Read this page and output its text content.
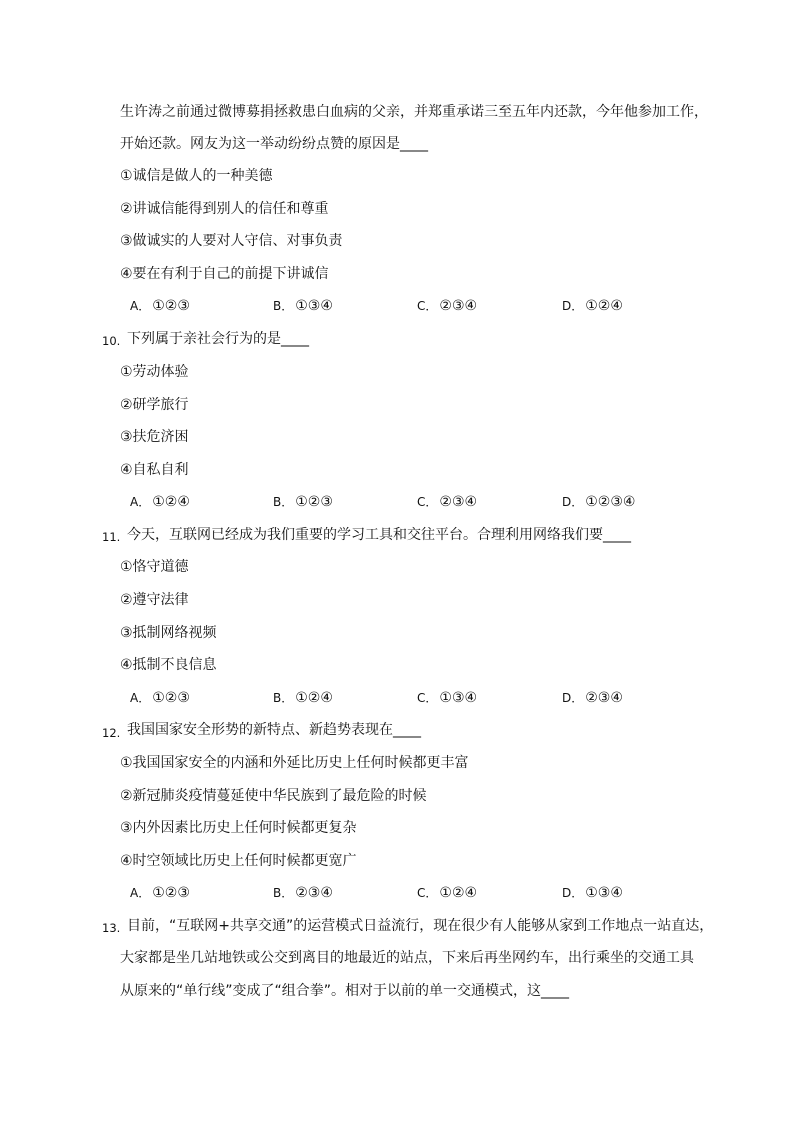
生许涛之前通过微博募捐拯救患白血病的父亲，并郑重承诺三至五年内还款，今年他参加工作，
开始还款。网友为这一举动纷纷点赞的原因是____
①诚信是做人的一种美德
②讲诚信能得到别人的信任和尊重
③做诚实的人要对人守信、对事负责
④要在有利于自己的前提下讲诚信
A． ①②③	B． ①③④	C． ②③④	D． ①②④
10. 下列属于亲社会行为的是____
①劳动体验
②研学旅行
③扶危济困
④自私自利
A． ①②④	B． ①②③	C． ②③④	D． ①②③④
11. 今天，互联网已经成为我们重要的学习工具和交往平台。合理利用网络我们要____
①恪守道德
②遵守法律
③抵制网络视频
④抵制不良信息
A． ①②③	B． ①②④	C． ①③④	D． ②③④
12. 我国国家安全形势的新特点、新趋势表现在____
①我国国家安全的内涵和外延比历史上任何时候都更丰富
②新冠肺炎疫情蔓延使中华民族到了最危险的时候
③内外因素比历史上任何时候都更复杂
④时空领域比历史上任何时候都更宽广
A． ①②③	B． ②③④	C． ①②④	D． ①③④
13. 目前，“互联网+共享交通”的运营模式日益流行，现在很少有人能够从家到工作地点一站直达，
大家都是坐几站地铁或公交到离目的地最近的站点，下来后再坐网约车，出行乘坐的交通工具
从原来的“单行线”变成了“组合拳”。相对于以前的单一交通模式，这____
